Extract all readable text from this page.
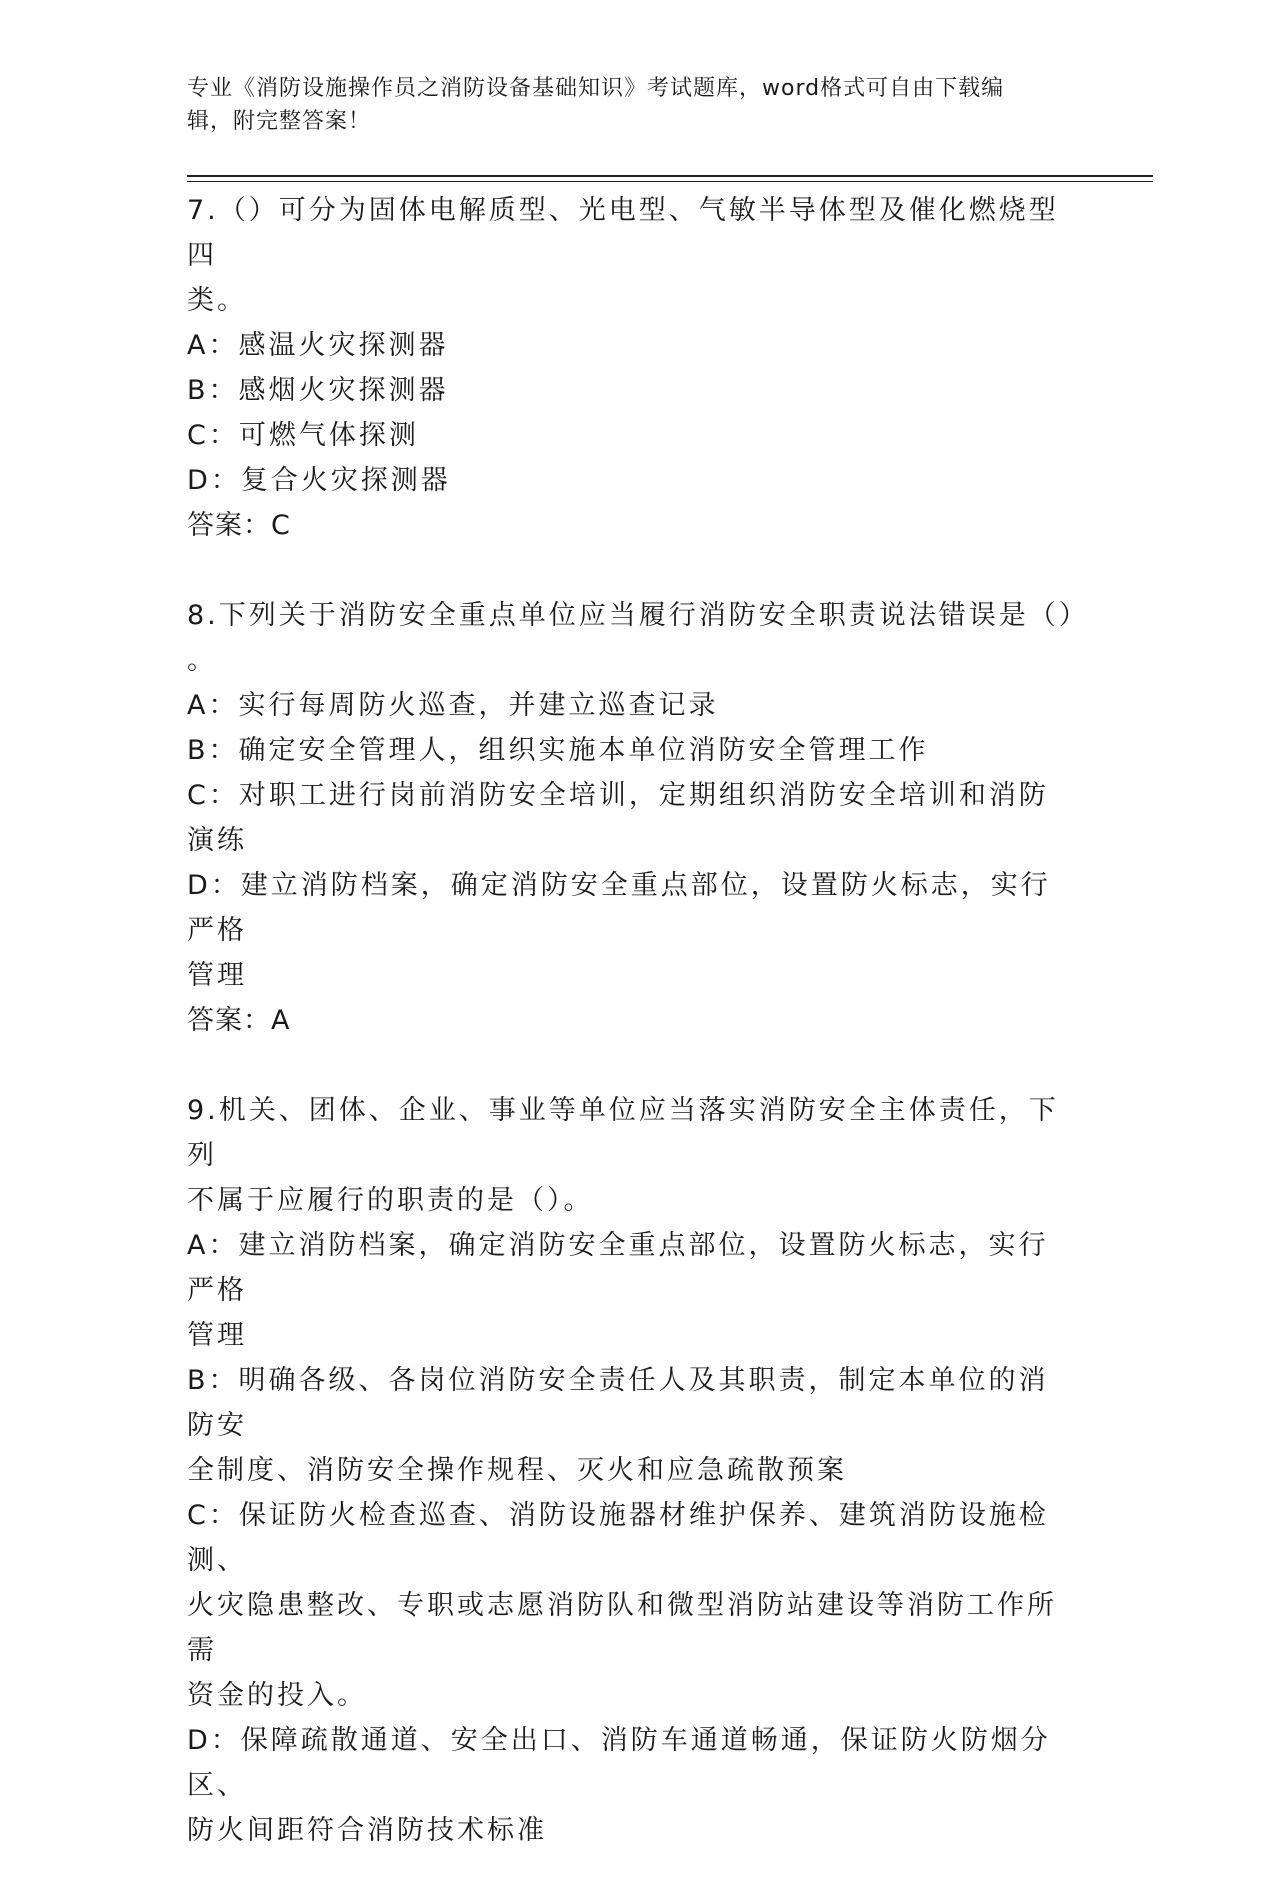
专业《消防设施操作员之消防设备基础知识》考试题库，word格式可自由下载编
辑，附完整答案！
7.（）可分为固体电解质型、光电型、气敏半导体型及催化燃烧型四
类。
A：感温火灾探测器
B：感烟火灾探测器
C：可燃气体探测
D：复合火灾探测器
答案：C
8.下列关于消防安全重点单位应当履行消防安全职责说法错误是（）
。
A：实行每周防火巡查，并建立巡查记录
B：确定安全管理人，组织实施本单位消防安全管理工作
C：对职工进行岗前消防安全培训，定期组织消防安全培训和消防演练
D：建立消防档案，确定消防安全重点部位，设置防火标志，实行严格
管理
答案：A
9.机关、团体、企业、事业等单位应当落实消防安全主体责任，下列
不属于应履行的职责的是（）。
A：建立消防档案，确定消防安全重点部位，设置防火标志，实行严格
管理
B：明确各级、各岗位消防安全责任人及其职责，制定本单位的消防安
全制度、消防安全操作规程、灭火和应急疏散预案
C：保证防火检查巡查、消防设施器材维护保养、建筑消防设施检测、
火灾隐患整改、专职或志愿消防队和微型消防站建设等消防工作所需
资金的投入。
D：保障疏散通道、安全出口、消防车通道畅通，保证防火防烟分区、
防火间距符合消防技术标准
